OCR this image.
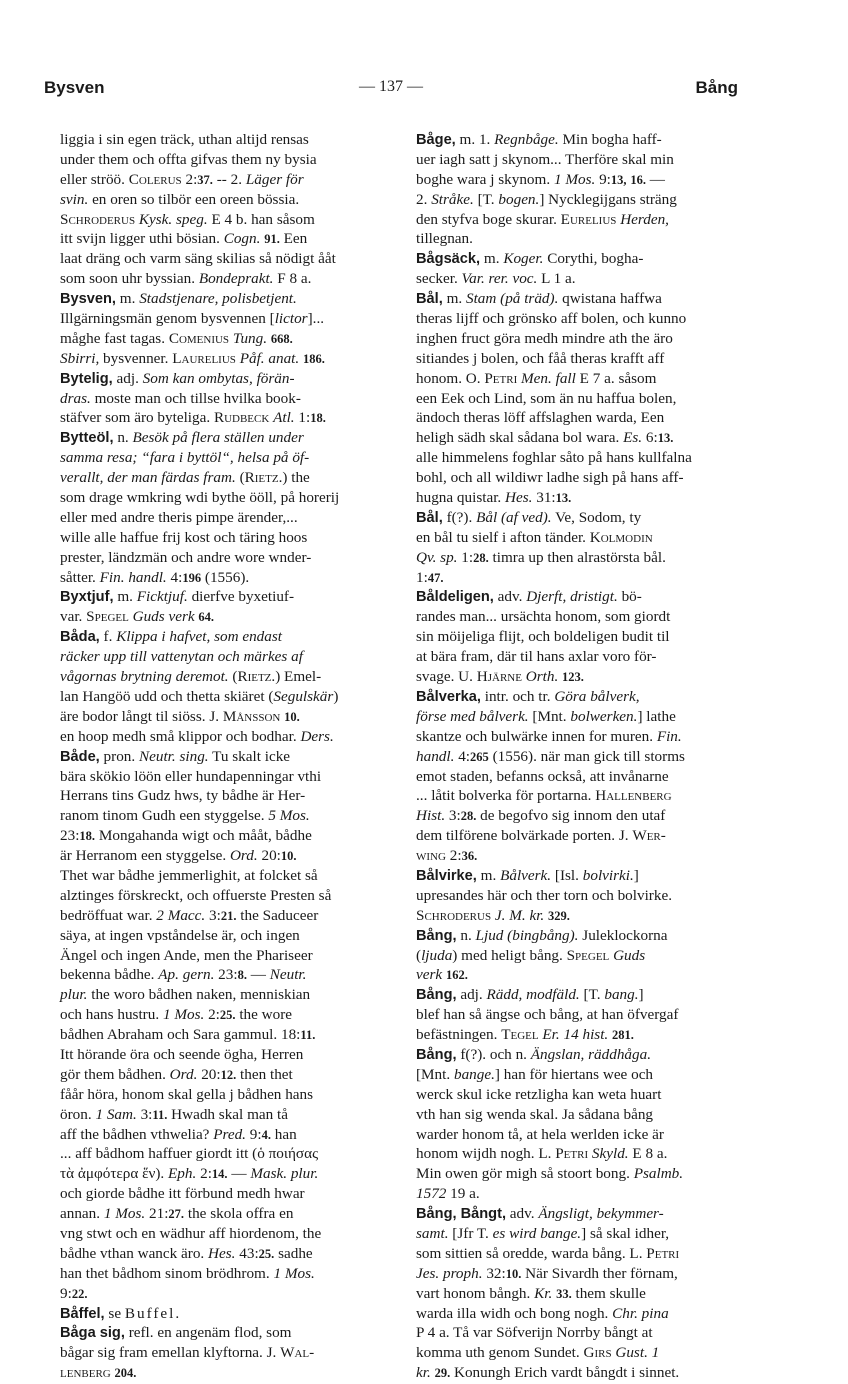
— 137 —
Bysven	Bång
liggia i sin egen träck, uthan altijd rensas
under them och offta gifvas them ny bysia
eller ströö. Colerus 2:37. -- 2. Läger för
svin. en oren so tilbör een oreen bössia.
Schroderus Kysk. speg. E 4 b. han såsom
itt svijn ligger uthi bösian. Cogn. 91. Een
laat dräng och varm säng skilias så nödigt ååt
som soon uhr byssian. Bondeprakt. F 8 a.
Bysven, m. Stadstjenare, polisbetjent.
Illgärningsmän genom bysvennen [lictor]...
måghe fast tagas. Comenius Tung. 668.
Sbirri, bysvenner. Laurelius Påf. anat. 186.
Bytelig, adj. Som kan ombytas, förän-
dras. moste man och tillse hvilka book-
stäfver som äro byteliga. Rudbeck Atl. 1:18.
Bytteöl, n. Besök på flera ställen under
samma resa; “fara i byttöl“, helsa på öf-
verallt, der man färdas fram. (Rietz.) the
som drage wmkring wdi bythe ööll, på horerij
eller med andre theris pimpe ärender,...
wille alle haffue frij kost och täring hoos
prester, ländzmän och andre wore wnder-
såtter. Fin. handl. 4:196 (1556).
Byxtjuf, m. Ficktjuf. dierfve byxetiuf-
var. Spegel Guds verk 64.
Båda, f. Klippa i hafvet, som endast
räcker upp till vattenytan och märkes af
vågornas brytning deremot. (Rietz.) Emel-
lan Hangöö udd och thetta skiäret (Segulskär)
äre bodor långt til siöss. J. Månsson 10.
en hoop medh små klippor och bodhar. Ders.
Både, pron. Neutr. sing. Tu skalt icke
bära skökio löön eller hundapenningar vthi
Herrans tins Gudz hws, ty bådhe är Her-
ranom tinom Gudh een styggelse. 5 Mos.
23:18. Mongahanda wigt och mååt, bådhe
är Herranom een styggelse. Ord. 20:10.
Thet war bådhe jemmerlighit, at folcket så
alztinges förskreckt, och offuerste Presten så
bedröffuat war. 2 Macc. 3:21. the Saduceer
säya, at ingen vpståndelse är, och ingen
Ängel och ingen Ande, men the Phariseer
bekenna bådhe. Ap. gern. 23:8. — Neutr.
plur. the woro bådhen naken, menniskian
och hans hustru. 1 Mos. 2:25. the wore
bådhen Abraham och Sara gammul. 18:11.
Itt hörande öra och seende ögha, Herren
gör them bådhen. Ord. 20:12. then thet
fåår höra, honom skal gella j bådhen hans
öron. 1 Sam. 3:11. Hwadh skal man tå
aff the bådhen vthwelia? Pred. 9:4. han
... aff bådhom haffuer giordt itt (ὁ ποιήσας
τὰ ἀμφότερα ἕν). Eph. 2:14. — Mask. plur.
och giorde bådhe itt förbund medh hwar
annan. 1 Mos. 21:27. the skola offra en
vng stwt och en wädhur aff hiordenom, the
bådhe vthan wanck äro. Hes. 43:25. sadhe
han thet bådhom sinom brödhrom. 1 Mos.
9:22.
Båffel, se Buffel.
Båga sig, refl. en angenäm flod, som
bågar sig fram emellan klyftorna. J. Wal-
lenberg 204.
Båge, m. 1. Regnbåge. Min bogha haff-
uer iagh satt j skynom... Therföre skal min
boghe wara j skynom. 1 Mos. 9:13, 16. —
2. Stråke. [T. bogen.] Nycklegijgans sträng
den styfva boge skurar. Eurelius Herden,
tillegnan.
Bågsäck, m. Koger. Corythi, bogha-
secker. Var. rer. voc. L 1 a.
Bål, m. Stam (på träd). qwistana haffwa
theras lijff och grönsko aff bolen, och kunno
inghen fruct göra medh mindre ath the äro
sitiandes j bolen, och fåå theras krafft aff
honom. O. Petri Men. fall E 7 a. såsom
een Eek och Lind, som än nu haffua bolen,
ändoch theras löff affslaghen warda, Een
heligh sädh skal sådana bol wara. Es. 6:13.
alle himmelens foghlar såto på hans kullfalna
bohl, och all wildiwr ladhe sigh på hans aff-
hugna quistar. Hes. 31:13.
Bål, f(?). Bål (af ved). Ve, Sodom, ty
en bål tu sielf i afton tänder. Kolmodin
Qv. sp. 1:28. timra up then alrastörsta bål.
1:47.
Båldeligen, adv. Djerft, dristigt. bö-
randes man... ursächta honom, som giordt
sin möijeliga flijt, och boldeligen budit til
at bära fram, där til hans axlar voro för-
svage. U. Hjärne Orth. 123.
Bålverka, intr. och tr. Göra bålverk,
förse med bålverk. [Mnt. bolwerken.] lathe
skantze och bulwärke innen for muren. Fin.
handl. 4:265 (1556). när man gick till storms
emot staden, befanns också, att invånarne
... låtit bolverka för portarna. Hallenberg
Hist. 3:28. de begofvo sig innom den utaf
dem tilförene bolvärkade porten. J. Wer-
wing 2:36.
Bålvirke, m. Bålverk. [Isl. bolvirki.]
upresandes här och ther torn och bolvirke.
Schroderus J. M. kr. 329.
Bång, n. Ljud (bingbång). Juleklockorna
(ljuda) med heligt bång. Spegel Guds
verk 162.
Bång, adj. Rädd, modfäld. [T. bang.]
blef han så ängse och bång, at han öfvergaf
befästningen. Tegel Er. 14 hist. 281.
Bång, f(?). och n. Ängslan, räddhåga.
[Mnt. bange.] han för hiertans wee och
werck skul icke retzligha kan weta huart
vth han sig wenda skal. Ja sådana bång
warder honom tå, at hela werlden icke är
honom wijdh nogh. L. Petri Skyld. E 8 a.
Min owen gör migh så stoort bong. Psalmb.
1572 19 a.
Bång, Bångt, adv. Ängsligt, bekymmer-
samt. [Jfr T. es wird bange.] så skal idher,
som sittien så oredde, warda bång. L. Petri
Jes. proph. 32:10. När Sivardh ther förnam,
vart honom bångh. Kr. 33. them skulle
warda illa widh och bong nogh. Chr. pina
P 4 a. Tå var Söfverijn Norrby bångt at
komma uth genom Sundet. Girs Gust. 1
kr. 29. Konungh Erich vardt bångdt i sinnet.
